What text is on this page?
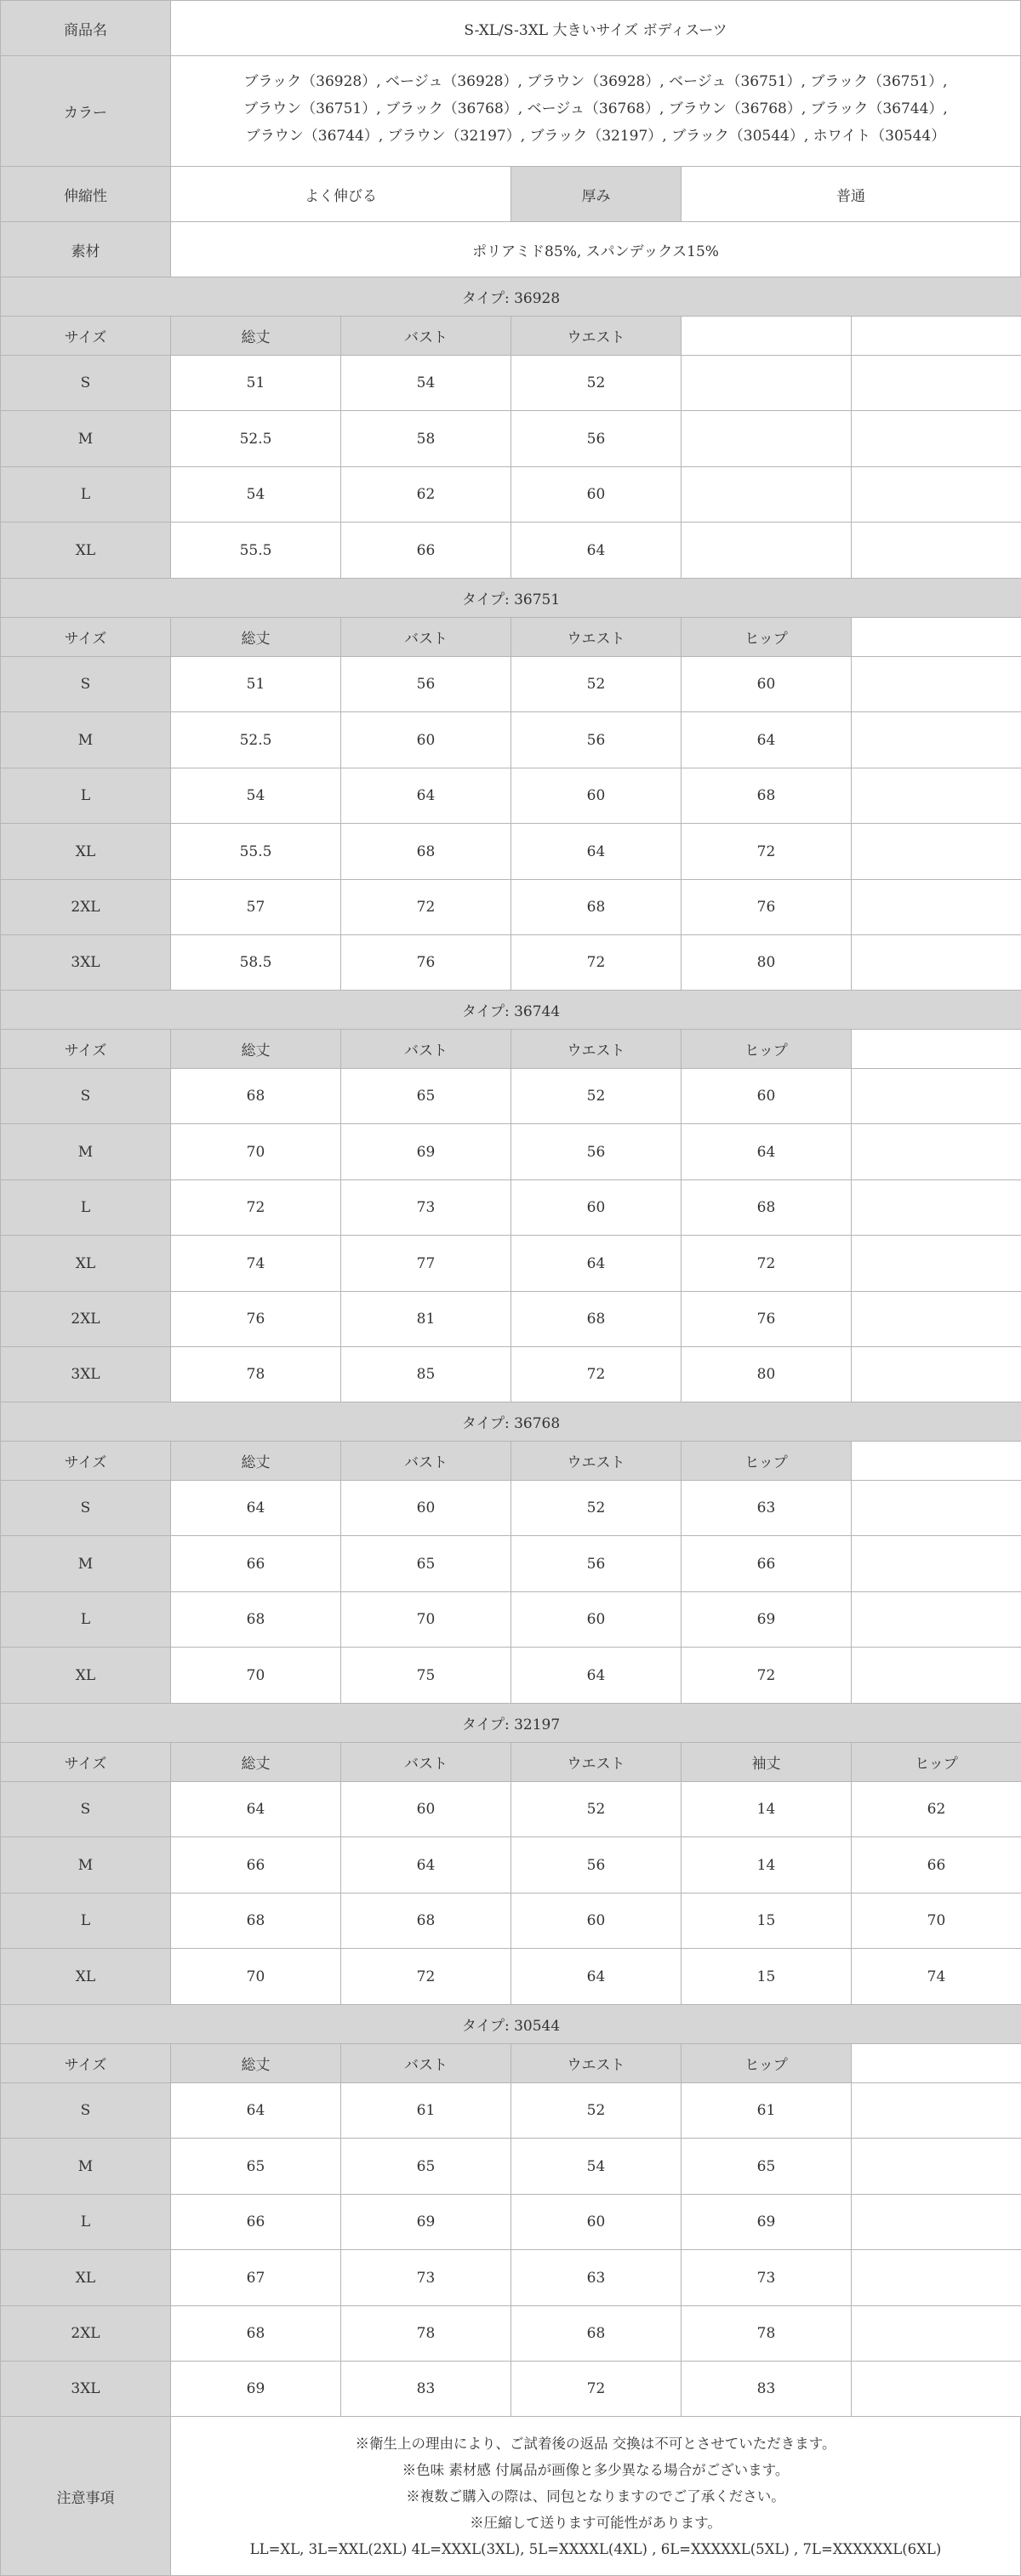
商品名	S-XL/S-3XL 大きいサイズ ボディスーツ
カラー
ブラック（36928）, ベージュ（36928）, ブラウン（36928）, ベージュ（36751）, ブラック（36751）,
ブラウン（36751）, ブラック（36768）, ベージュ（36768）, ブラウン（36768）, ブラック（36744）,
ブラウン（36744）, ブラウン（32197）, ブラック（32197）, ブラック（30544）, ホワイト（30544）
伸縮性	よく伸びる	厚み	普通
素材	ポリアミド85%, スパンデックス15%
タイプ: 36928
サイズ	総丈	バスト	ウエスト
S	51	54	52
M	52.5	58	56
L	54	62	60
XL	55.5	66	64
タイプ: 36751
サイズ	総丈	バスト	ウエスト	ヒップ
S	51	56	52	60
M	52.5	60	56	64
L	54	64	60	68
XL	55.5	68	64	72
2XL	57	72	68	76
3XL	58.5	76	72	80
タイプ: 36744
サイズ	総丈	バスト	ウエスト	ヒップ
S	68	65	52	60
M	70	69	56	64
L	72	73	60	68
XL	74	77	64	72
2XL	76	81	68	76
3XL	78	85	72	80
タイプ: 36768
サイズ	総丈	バスト	ウエスト	ヒップ
S	64	60	52	63
M	66	65	56	66
L	68	70	60	69
XL	70	75	64	72
タイプ: 32197
サイズ	総丈	バスト	ウエスト	袖丈	ヒップ
S	64	60	52	14	62
M	66	64	56	14	66
L	68	68	60	15	70
XL	70	72	64	15	74
タイプ: 30544
サイズ	総丈	バスト	ウエスト	ヒップ
S	64	61	52	61
M	65	65	54	65
L	66	69	60	69
XL	67	73	63	73
2XL	68	78	68	78
3XL	69	83	72	83
注意事項
※衛生上の理由により、ご試着後の返品 交換は不可とさせていただきます。
※色味 素材感 付属品が画像と多少異なる場合がございます。
※複数ご購入の際は、同包となりますのでご了承ください。
※圧縮して送ります可能性があります。
LL=XL, 3L=XXL(2XL) 4L=XXXL(3XL), 5L=XXXXL(4XL) , 6L=XXXXXL(5XL) , 7L=XXXXXXL(6XL)
